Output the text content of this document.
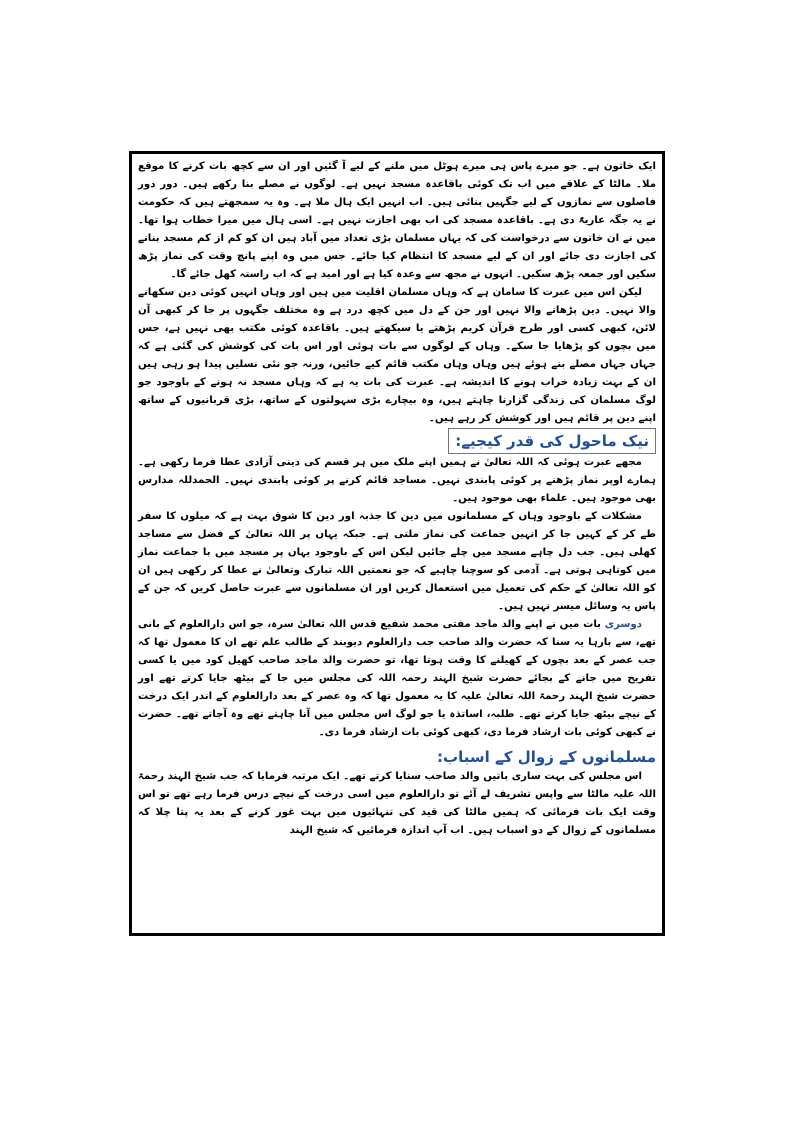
ایک خاتون ہے۔ جو میرے پاس ہی میرے ہوٹل میں ملنے کے لیے آ گئیں اور ان سے کچھ بات کرنے کا موقع ملا۔ مالٹا کے علاقے میں اب تک کوئی باقاعدہ مسجد نہیں ہے۔ لوگوں نے مصلے بنا رکھے ہیں۔ دور دور فاصلوں سے نمازوں کے لیے جگہیں بنائی ہیں۔ اب انہیں ایک ہال ملا ہے۔ وہ یہ سمجھتے ہیں کہ حکومت نے یہ جگہ عاریۃً دی ہے۔ باقاعدہ مسجد کی اب بھی اجازت نہیں ہے۔ اسی ہال میں میرا خطاب ہوا تھا۔ میں نے ان خاتون سے درخواست کی کہ یہاں مسلمان بڑی تعداد میں آباد ہیں ان کو کم از کم مسجد بنانے کی اجازت دی جائے اور ان کے لیے مسجد کا انتظام کیا جائے۔ جس میں وہ اپنے پانچ وقت کی نماز پڑھ سکیں اور جمعہ پڑھ سکیں۔ انہوں نے مجھ سے وعدہ کیا ہے اور امید ہے کہ اب راستہ کھل جائے گا۔

لیکن اس میں عبرت کا سامان ہے کہ وہاں مسلمان اقلیت میں ہیں اور وہاں انہیں کوئی دین سکھانے والا نہیں۔ دین پڑھانے والا نہیں اور جن کے دل میں کچھ درد ہے وہ مختلف جگہوں پر جا کر کبھی آن لائن، کبھی کسی اور طرح قرآن کریم پڑھتے یا سیکھتے ہیں۔ باقاعدہ کوئی مکتب بھی نہیں ہے، جس میں بچوں کو پڑھایا جا سکے۔ وہاں کے لوگوں سے بات ہوئی اور اس بات کی کوشش کی گئی ہے کہ جہاں جہاں مصلے بنے ہوئے ہیں وہاں وہاں مکتب قائم کیے جائیں، ورنہ جو نئی نسلیں پیدا ہو رہی ہیں ان کے بہت زیادہ خراب ہونے کا اندیشہ ہے۔ عبرت کی بات یہ ہے کہ وہاں مسجد نہ ہونے کے باوجود جو لوگ مسلمان کی زندگی گزارنا چاہتے ہیں، وہ بیچارے بڑی سہولتوں کے ساتھ، بڑی قربانیوں کے ساتھ اپنے دین پر قائم ہیں اور کوشش کر رہے ہیں۔

نیک ماحول کی قدر کیجیے:

مجھے عبرت ہوئی کہ اللہ تعالیٰ نے ہمیں اپنے ملک میں ہر قسم کی دینی آزادی عطا فرما رکھی ہے۔ ہمارے اوپر نماز پڑھنے پر کوئی پابندی نہیں۔ مساجد قائم کرنے پر کوئی پابندی نہیں۔ الحمدللہ مدارس بھی موجود ہیں۔ علماء بھی موجود ہیں۔

مشکلات کے باوجود وہاں کے مسلمانوں میں دین کا جذبہ اور دین کا شوق بہت ہے کہ میلوں کا سفر طے کر کے کہیں جا کر انہیں جماعت کی نماز ملتی ہے۔ جبکہ یہاں پر اللہ تعالیٰ کے فضل سے مساجد کھلی ہیں۔ جب دل چاہے مسجد میں چلے جائیں لیکن اس کے باوجود یہاں پر مسجد میں با جماعت نماز میں کوتاہی ہوتی ہے۔ آدمی کو سوچنا چاہیے کہ جو نعمتیں اللہ تبارک وتعالیٰ نے عطا کر رکھی ہیں ان کو اللہ تعالیٰ کے حکم کی تعمیل میں استعمال کریں اور ان مسلمانوں سے عبرت حاصل کریں کہ جن کے پاس یہ وسائل میسر نہیں ہیں۔

دوسری بات میں نے اپنے والد ماجد مفتی محمد شفیع قدس اللہ تعالیٰ سرہ، جو اس دارالعلوم کے بانی تھے، سے بارہا یہ سنا کہ حضرت والد صاحب جب دارالعلوم دیوبند کے طالب علم تھے ان کا معمول تھا کہ جب عصر کے بعد بچوں کے کھیلنے کا وقت ہوتا تھا، تو حضرت والد ماجد صاحب کھیل کود میں یا کسی تفریح میں جانے کے بجائے حضرت شیخ الہند رحمہ اللہ کی مجلس میں جا کے بیٹھ جایا کرتے تھے اور حضرت شیخ الہند رحمۃ اللہ تعالیٰ علیہ کا یہ معمول تھا کہ وہ عصر کے بعد دارالعلوم کے اندر ایک درخت کے نیچے بیٹھ جایا کرتے تھے۔ طلبہ، اساتذہ یا جو لوگ اس مجلس میں آنا چاہتے تھے وہ آجاتے تھے۔ حضرت نے کبھی کوئی بات ارشاد فرما دی، کبھی کوئی بات ارشاد فرما دی۔

مسلمانوں کے زوال کے اسباب:

اس مجلس کی بہت ساری باتیں والد صاحب سنایا کرتے تھے۔ ایک مرتبہ فرمایا کہ جب شیخ الہند رحمۃ اللہ علیہ مالٹا سے واپس تشریف لے آئے تو دارالعلوم میں اسی درخت کے نیچے درس فرما رہے تھے تو اس وقت ایک بات فرمائی کہ ہمیں مالٹا کی قید کی تنہائیوں میں بہت غور کرنے کے بعد یہ پتا چلا کہ مسلمانوں کے زوال کے دو اسباب ہیں۔ اب آپ اندازہ فرمائیں کہ شیخ الہند
